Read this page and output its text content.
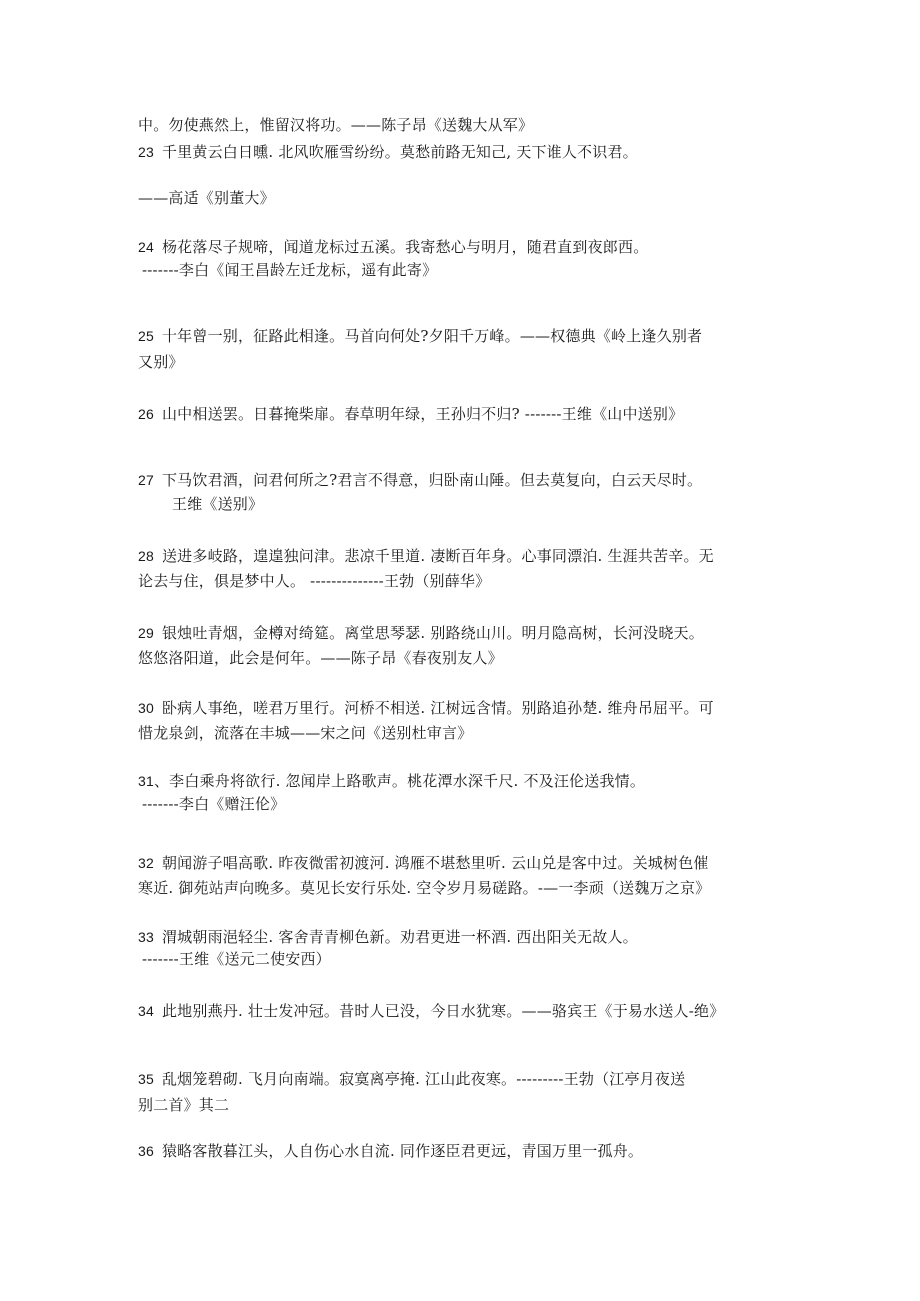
中。勿使燕然上，惟留汉将功。——陈子昂《送魏大从军》
23 千里黄云白日曛. 北风吹雁雪纷纷。莫愁前路无知己, 天下谁人不识君。
——高适《别董大》
24 杨花落尽子规啼，闻道龙标过五溪。我寄愁心与明月，随君直到夜郎西。
-------李白《闻王昌龄左迁龙标，遥有此寄》
25 十年曾一别，征路此相逢。马首向何处?夕阳千万峰。——权德典《岭上逢久别者
又别》
26 山中相送罢。日暮掩柴扉。春草明年绿，王孙归不归? -------王维《山中送别》
27 下马饮君酒，问君何所之?君言不得意，归卧南山陲。但去莫复向，白云天尽时。
王维《送别》
28 送进多岐路，遑遑独问津。悲凉千里道. 凄断百年身。心事同漂泊. 生涯共苦辛。无
论去与住，俱是梦中人。 --------------王勃（别薛华》
29 银烛吐青烟，金樽对绮筵。离堂思琴瑟. 别路绕山川。明月隐高树，长河没晓天。
悠悠洛阳道，此会是何年。——陈子昂《春夜别友人》
30 卧病人事绝，嗟君万里行。河桥不相送. 江树远含情。别路追孙楚. 维舟吊屈平。可
惜龙泉剑，流落在丰城——宋之问《送别杜审言》
31、李白乘舟将欲行. 忽闻岸上路歌声。桃花潭水深千尺. 不及汪伦送我情。
-------李白《赠汪伦》
32 朝闻游子唱高歌. 昨夜微雷初渡河. 鸿雁不堪愁里听. 云山兑是客中过。关城树色催
寒近. 御苑站声向晚多。莫见长安行乐处. 空令岁月易磋路。-—一李顽（送魏万之京》
33 渭城朝雨浥轻尘. 客舍青青柳色新。劝君更进一杯酒. 西出阳关无故人。
-------王维《送元二使安西）
34 此地别燕丹. 壮士发冲冠。昔时人已没，今日水犹寒。——骆宾王《于易水送人-绝》
35 乱烟笼碧砌. 飞月向南端。寂寞离亭掩. 江山此夜寒。---------王勃（江亭月夜送
别二首》其二
36 猿略客散暮江头，人自伤心水自流. 同作逐臣君更远，青国万里一孤舟。
